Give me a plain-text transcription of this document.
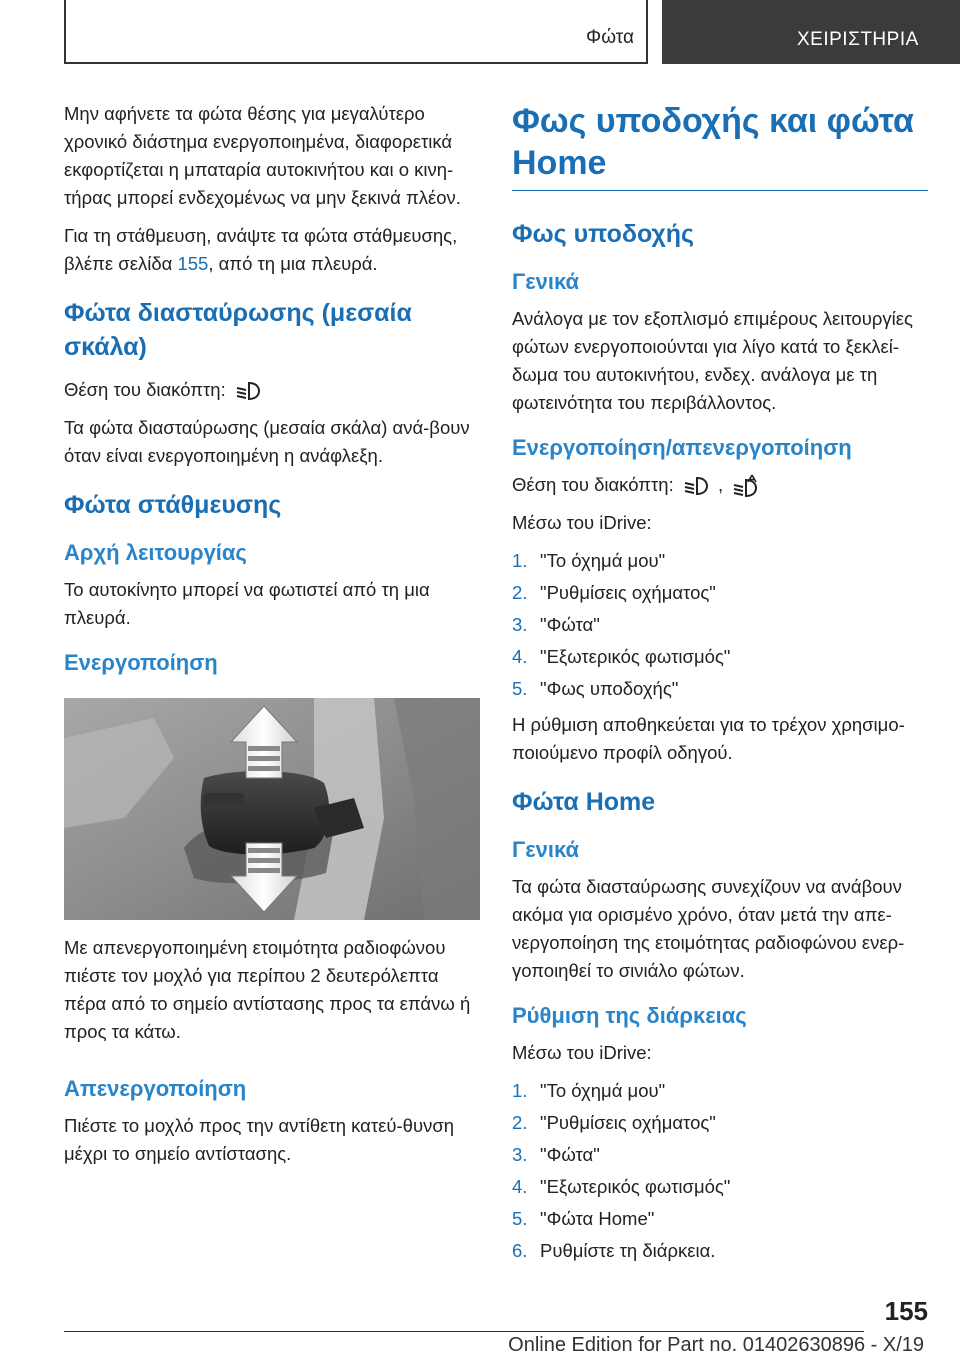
Φώτα	ΧΕΙΡΙΣΤΗΡΙΑ

Μην αφήνετε τα φώτα θέσης για μεγαλύτερο χρονικό διάστημα ενεργοποιημένα, διαφορετικά εκφορτίζεται η μπαταρία αυτοκινήτου και ο κινη-τήρας μπορεί ενδεχομένως να μην ξεκινά πλέον.

Για τη στάθμευση, ανάψτε τα φώτα στάθμευσης, βλέπε σελίδα 155, από τη μια πλευρά.

Φώτα διασταύρωσης (μεσαία σκάλα)

Θέση του διακόπτη:

Τα φώτα διασταύρωσης (μεσαία σκάλα) ανά-βουν όταν είναι ενεργοποιημένη η ανάφλεξη.

Φώτα στάθμευσης
Αρχή λειτουργίας

Το αυτοκίνητο μπορεί να φωτιστεί από τη μια πλευρά.

Ενεργοποίηση

Με απενεργοποιημένη ετοιμότητα ραδιοφώνου πιέστε τον μοχλό για περίπου 2 δευτερόλεπτα πέρα από το σημείο αντίστασης προς τα επάνω ή προς τα κάτω.

Απενεργοποίηση

Πιέστε το μοχλό προς την αντίθετη κατεύ-θυνση μέχρι το σημείο αντίστασης.

Φως υποδοχής και φώτα Home
Φως υποδοχής
Γενικά

Ανάλογα με τον εξοπλισμό επιμέρους λειτουργίες φώτων ενεργοποιούνται για λίγο κατά το ξεκλεί-δωμα του αυτοκινήτου, ενδεχ. ανάλογα με τη φωτεινότητα του περιβάλλοντος.

Ενεργοποίηση/απενεργοποίηση

Θέση του διακόπτη: ,

Μέσω του iDrive:

1. "Το όχημά μου"
2. "Ρυθμίσεις οχήματος"
3. "Φώτα"
4. "Εξωτερικός φωτισμός"
5. "Φως υποδοχής"

Η ρύθμιση αποθηκεύεται για το τρέχον χρησιμο-ποιούμενο προφίλ οδηγού.

Φώτα Home
Γενικά

Τα φώτα διασταύρωσης συνεχίζουν να ανάβουν ακόμα για ορισμένο χρόνο, όταν μετά την απε-νεργοποίηση της ετοιμότητας ραδιοφώνου ενερ-γοποιηθεί το σινιάλο φώτων.

Ρύθμιση της διάρκειας

Μέσω του iDrive:

1. "Το όχημά μου"
2. "Ρυθμίσεις οχήματος"
3. "Φώτα"
4. "Εξωτερικός φωτισμός"
5. "Φώτα Home"
6. Ρυθμίστε τη διάρκεια.
155
Online Edition for Part no. 01402630896 - X/19
